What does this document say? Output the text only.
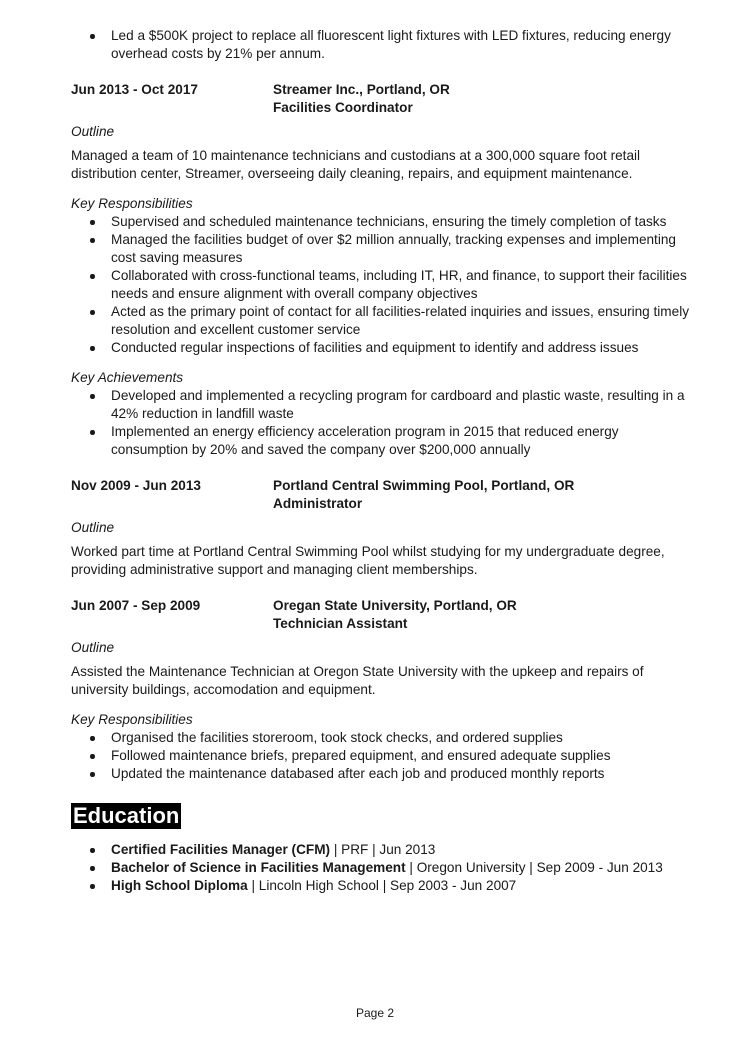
Led a $500K project to replace all fluorescent light fixtures with LED fixtures, reducing energy overhead costs by 21% per annum.
Jun 2013 - Oct 2017	Streamer Inc., Portland, OR
Facilities Coordinator
Outline
Managed a team of 10 maintenance technicians and custodians at a 300,000 square foot retail distribution center, Streamer, overseeing daily cleaning, repairs, and equipment maintenance.
Key Responsibilities
Supervised and scheduled maintenance technicians, ensuring the timely completion of tasks
Managed the facilities budget of over $2 million annually, tracking expenses and implementing cost saving measures
Collaborated with cross-functional teams, including IT, HR, and finance, to support their facilities needs and ensure alignment with overall company objectives
Acted as the primary point of contact for all facilities-related inquiries and issues, ensuring timely resolution and excellent customer service
Conducted regular inspections of facilities and equipment to identify and address issues
Key Achievements
Developed and implemented a recycling program for cardboard and plastic waste, resulting in a 42% reduction in landfill waste
Implemented an energy efficiency acceleration program in 2015 that reduced energy consumption by 20% and saved the company over $200,000 annually
Nov 2009 - Jun 2013	Portland Central Swimming Pool, Portland, OR
Administrator
Outline
Worked part time at Portland Central Swimming Pool whilst studying for my undergraduate degree, providing administrative support and managing client memberships.
Jun 2007 - Sep 2009	Oregan State University, Portland, OR
Technician Assistant
Outline
Assisted the Maintenance Technician at Oregon State University with the upkeep and repairs of university buildings, accomodation and equipment.
Key Responsibilities
Organised the facilities storeroom, took stock checks, and ordered supplies
Followed maintenance briefs, prepared equipment, and ensured adequate supplies
Updated the maintenance databased after each job and produced monthly reports
Education
Certified Facilities Manager (CFM) | PRF | Jun 2013
Bachelor of Science in Facilities Management | Oregon University | Sep 2009 - Jun 2013
High School Diploma | Lincoln High School | Sep 2003 - Jun 2007
Page 2
